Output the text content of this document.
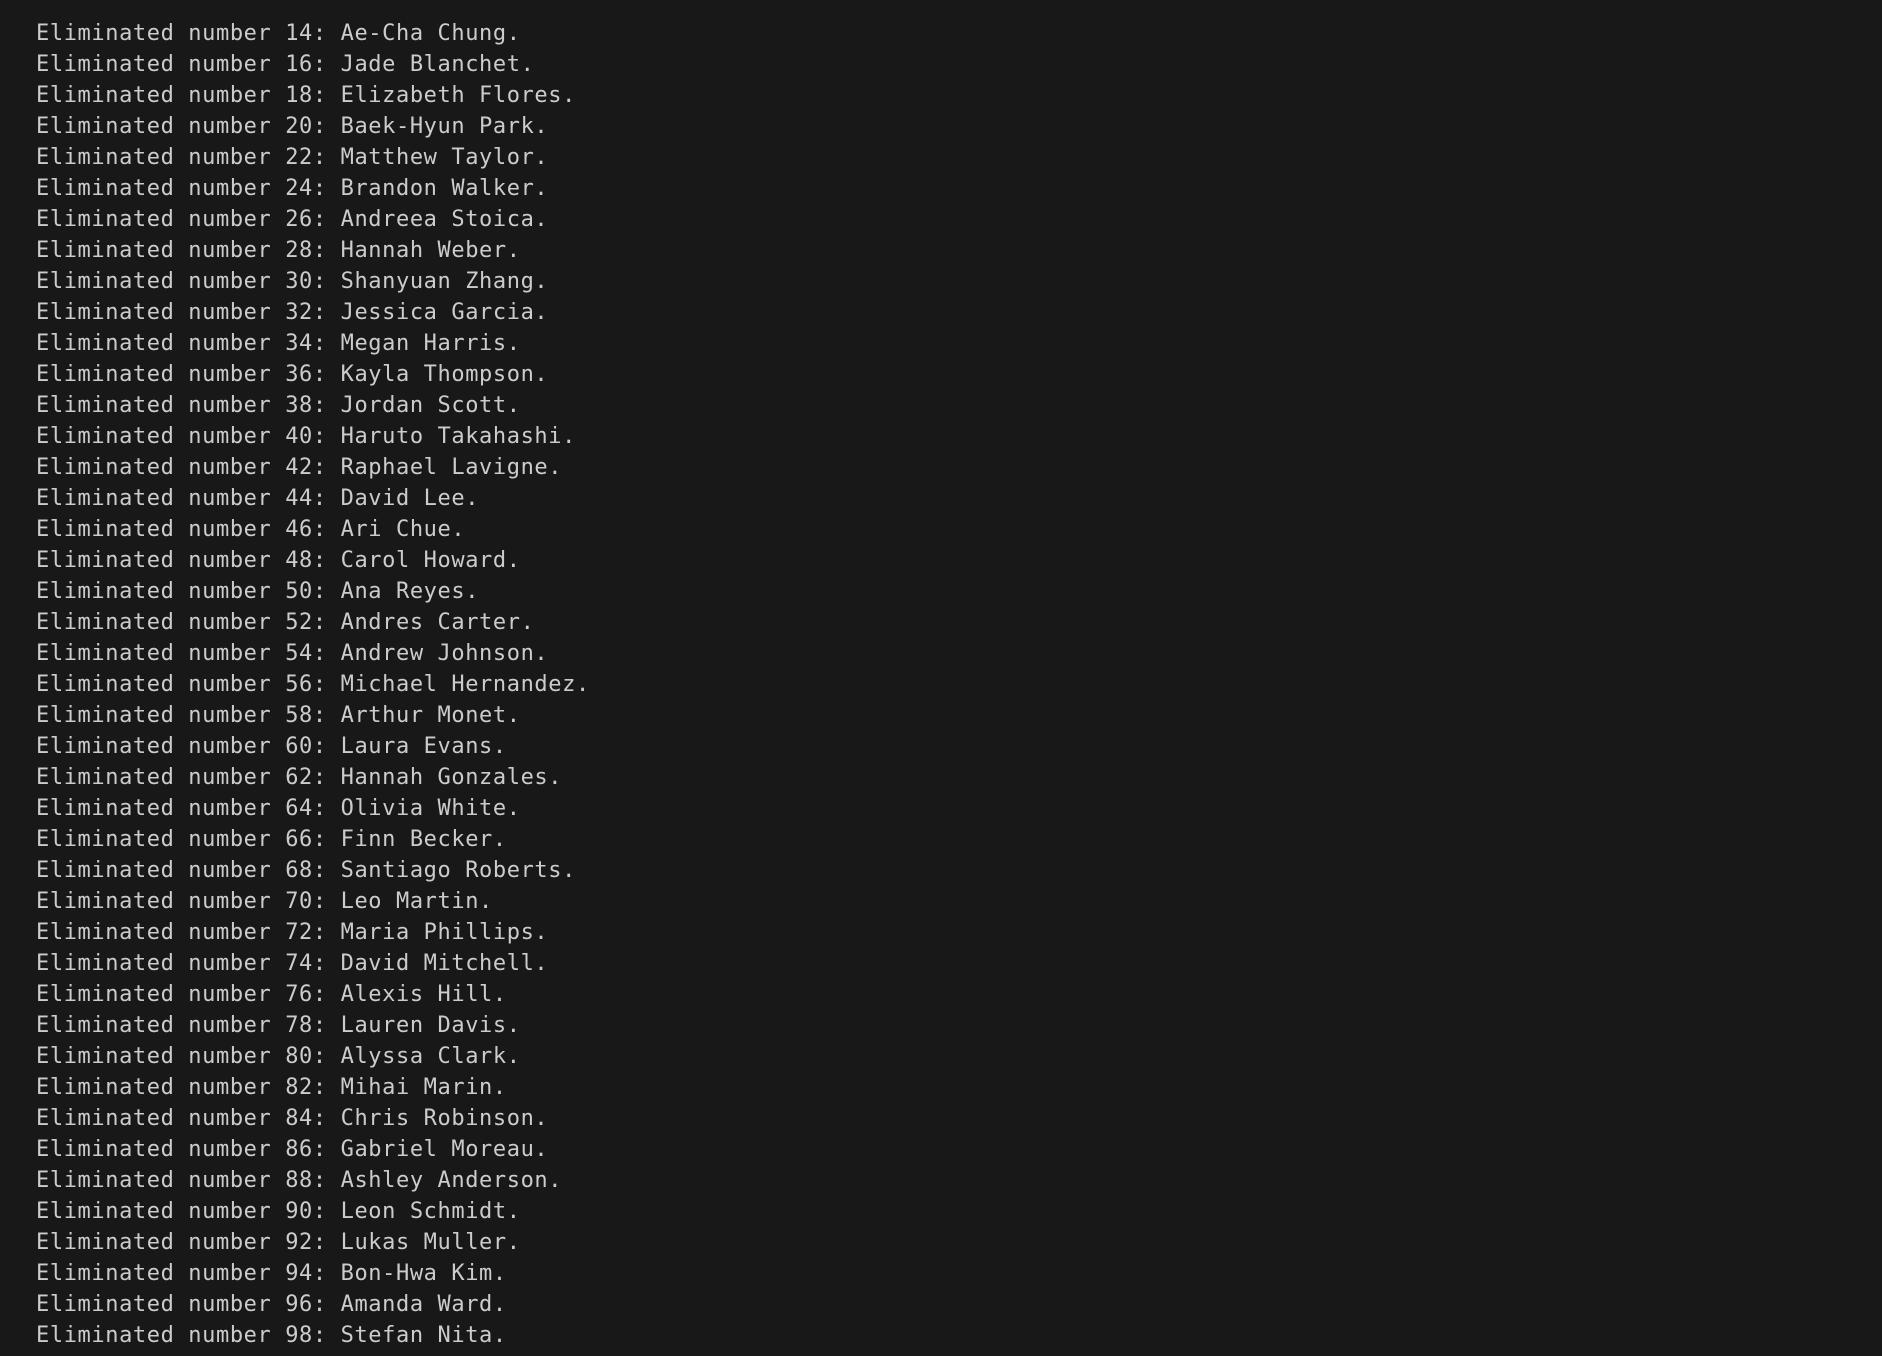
Eliminated number 14: Ae-Cha Chung.
Eliminated number 16: Jade Blanchet.
Eliminated number 18: Elizabeth Flores.
Eliminated number 20: Baek-Hyun Park.
Eliminated number 22: Matthew Taylor.
Eliminated number 24: Brandon Walker.
Eliminated number 26: Andreea Stoica.
Eliminated number 28: Hannah Weber.
Eliminated number 30: Shanyuan Zhang.
Eliminated number 32: Jessica Garcia.
Eliminated number 34: Megan Harris.
Eliminated number 36: Kayla Thompson.
Eliminated number 38: Jordan Scott.
Eliminated number 40: Haruto Takahashi.
Eliminated number 42: Raphael Lavigne.
Eliminated number 44: David Lee.
Eliminated number 46: Ari Chue.
Eliminated number 48: Carol Howard.
Eliminated number 50: Ana Reyes.
Eliminated number 52: Andres Carter.
Eliminated number 54: Andrew Johnson.
Eliminated number 56: Michael Hernandez.
Eliminated number 58: Arthur Monet.
Eliminated number 60: Laura Evans.
Eliminated number 62: Hannah Gonzales.
Eliminated number 64: Olivia White.
Eliminated number 66: Finn Becker.
Eliminated number 68: Santiago Roberts.
Eliminated number 70: Leo Martin.
Eliminated number 72: Maria Phillips.
Eliminated number 74: David Mitchell.
Eliminated number 76: Alexis Hill.
Eliminated number 78: Lauren Davis.
Eliminated number 80: Alyssa Clark.
Eliminated number 82: Mihai Marin.
Eliminated number 84: Chris Robinson.
Eliminated number 86: Gabriel Moreau.
Eliminated number 88: Ashley Anderson.
Eliminated number 90: Leon Schmidt.
Eliminated number 92: Lukas Muller.
Eliminated number 94: Bon-Hwa Kim.
Eliminated number 96: Amanda Ward.
Eliminated number 98: Stefan Nita.
